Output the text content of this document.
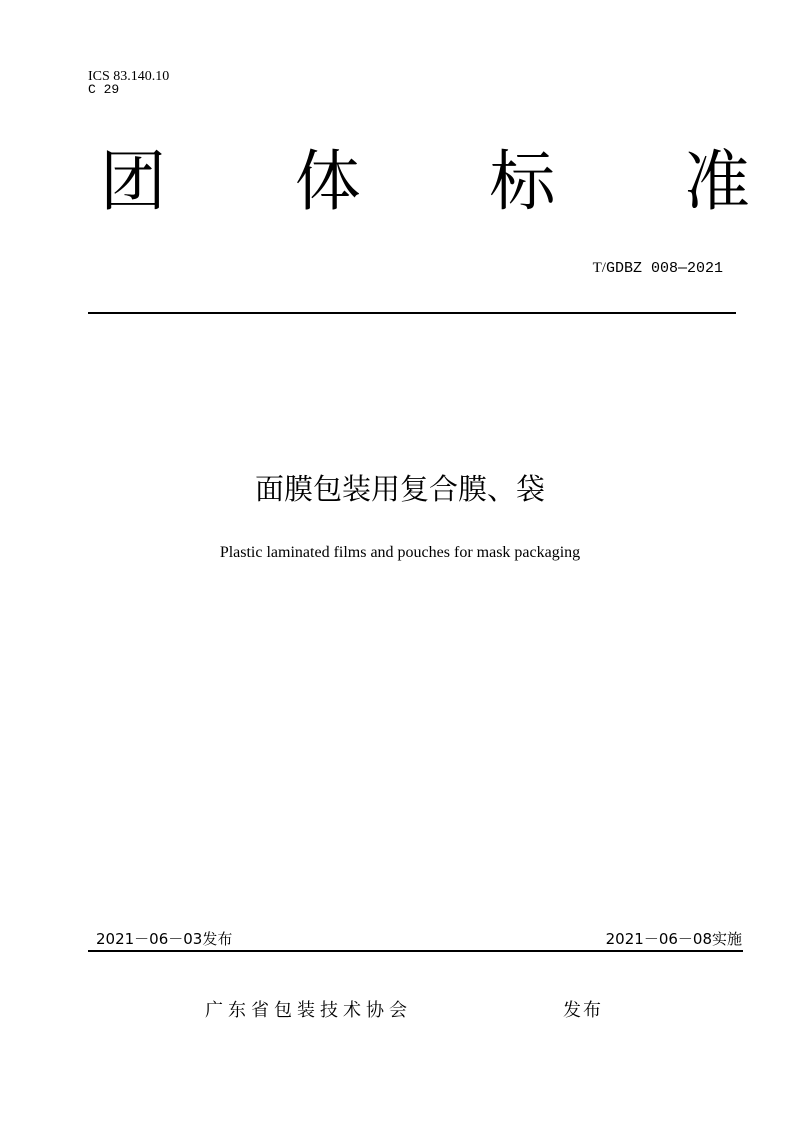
ICS 83.140.10
C 29
团 体 标 准
T/GDBZ 008—2021
面膜包装用复合膜、袋
Plastic laminated films and pouches for mask packaging
2021－06－03发布	2021－06－08实施
广东省包装技术协会	发布
